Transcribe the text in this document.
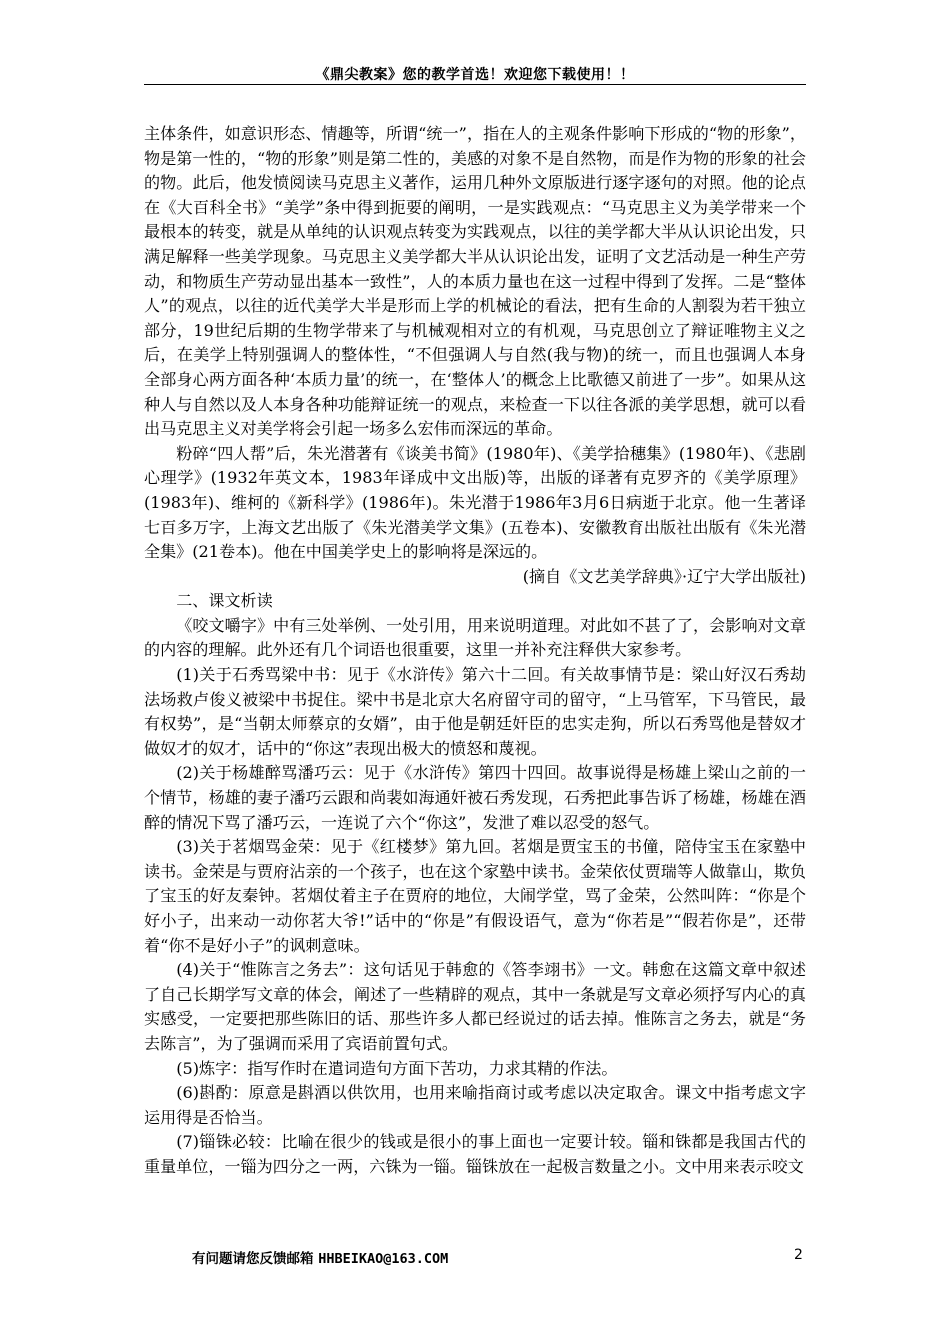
《鼎尖教案》您的教学首选！欢迎您下载使用！！

主体条件，如意识形态、情趣等，所谓“统一”，指在人的主观条件影响下形成的“物的形象”，物是第一性的，“物的形象”则是第二性的，美感的对象不是自然物，而是作为物的形象的社会的物。此后，他发愤阅读马克思主义著作，运用几种外文原版进行逐字逐句的对照。他的论点在《大百科全书》“美学”条中得到扼要的阐明，一是实践观点：“马克思主义为美学带来一个最根本的转变，就是从单纯的认识观点转变为实践观点，以往的美学都大半从认识论出发，只满足解释一些美学现象。马克思主义美学都大半从认识论出发，证明了文艺活动是一种生产劳动，和物质生产劳动显出基本一致性”，人的本质力量也在这一过程中得到了发挥。二是“整体人”的观点，以往的近代美学大半是形而上学的机械论的看法，把有生命的人割裂为若干独立部分，19世纪后期的生物学带来了与机械观相对立的有机观，马克思创立了辩证唯物主义之后，在美学上特别强调人的整体性，“不但强调人与自然(我与物)的统一，而且也强调人本身全部身心两方面各种‘本质力量’的统一，在‘整体人’的概念上比歌德又前进了一步”。如果从这种人与自然以及人本身各种功能辩证统一的观点，来检查一下以往各派的美学思想，就可以看出马克思主义对美学将会引起一场多么宏伟而深远的革命。

粉碎“四人帮”后，朱光潜著有《谈美书简》(1980年)、《美学拾穗集》(1980年)、《悲剧心理学》(1932年英文本，1983年译成中文出版)等，出版的译著有克罗齐的《美学原理》(1983年)、维柯的《新科学》(1986年)。朱光潜于1986年3月6日病逝于北京。他一生著译七百多万字，上海文艺出版了《朱光潜美学文集》(五卷本)、安徽教育出版社出版有《朱光潜全集》(21卷本)。他在中国美学史上的影响将是深远的。

(摘自《文艺美学辞典》·辽宁大学出版社)

二、课文析读

《咬文嚼字》中有三处举例、一处引用，用来说明道理。对此如不甚了了，会影响对文章的内容的理解。此外还有几个词语也很重要，这里一并补充注释供大家参考。

(1)关于石秀骂梁中书：见于《水浒传》第六十二回。有关故事情节是：梁山好汉石秀劫法场救卢俊义被梁中书捉住。梁中书是北京大名府留守司的留守，“上马管军，下马管民，最有权势”，是“当朝太师蔡京的女婿”，由于他是朝廷奸臣的忠实走狗，所以石秀骂他是替奴才做奴才的奴才，话中的“你这”表现出极大的愤怒和蔑视。

(2)关于杨雄醉骂潘巧云：见于《水浒传》第四十四回。故事说得是杨雄上梁山之前的一个情节，杨雄的妻子潘巧云跟和尚裴如海通奸被石秀发现，石秀把此事告诉了杨雄，杨雄在酒醉的情况下骂了潘巧云，一连说了六个“你这”，发泄了难以忍受的怒气。

(3)关于茗烟骂金荣：见于《红楼梦》第九回。茗烟是贾宝玉的书僮，陪侍宝玉在家塾中读书。金荣是与贾府沾亲的一个孩子，也在这个家塾中读书。金荣依仗贾瑞等人做靠山，欺负了宝玉的好友秦钟。茗烟仗着主子在贾府的地位，大闹学堂，骂了金荣，公然叫阵：“你是个好小子，出来动一动你茗大爷!”话中的“你是”有假设语气，意为“你若是”“假若你是”，还带着“你不是好小子”的讽刺意味。

(4)关于“惟陈言之务去”：这句话见于韩愈的《答李翊书》一文。韩愈在这篇文章中叙述了自己长期学写文章的体会，阐述了一些精辟的观点，其中一条就是写文章必须抒写内心的真实感受，一定要把那些陈旧的话、那些许多人都已经说过的话去掉。惟陈言之务去，就是“务去陈言”，为了强调而采用了宾语前置句式。

(5)炼字：指写作时在遣词造句方面下苦功，力求其精的作法。

(6)斟酌：原意是斟酒以供饮用，也用来喻指商讨或考虑以决定取舍。课文中指考虑文字运用得是否恰当。

(7)锱铢必较：比喻在很少的钱或是很小的事上面也一定要计较。锱和铢都是我国古代的重量单位，一锱为四分之一两，六铢为一锱。锱铢放在一起极言数量之小。文中用来表示咬文

有问题请您反馈邮箱 HHBEIKAO@163.COM	2
